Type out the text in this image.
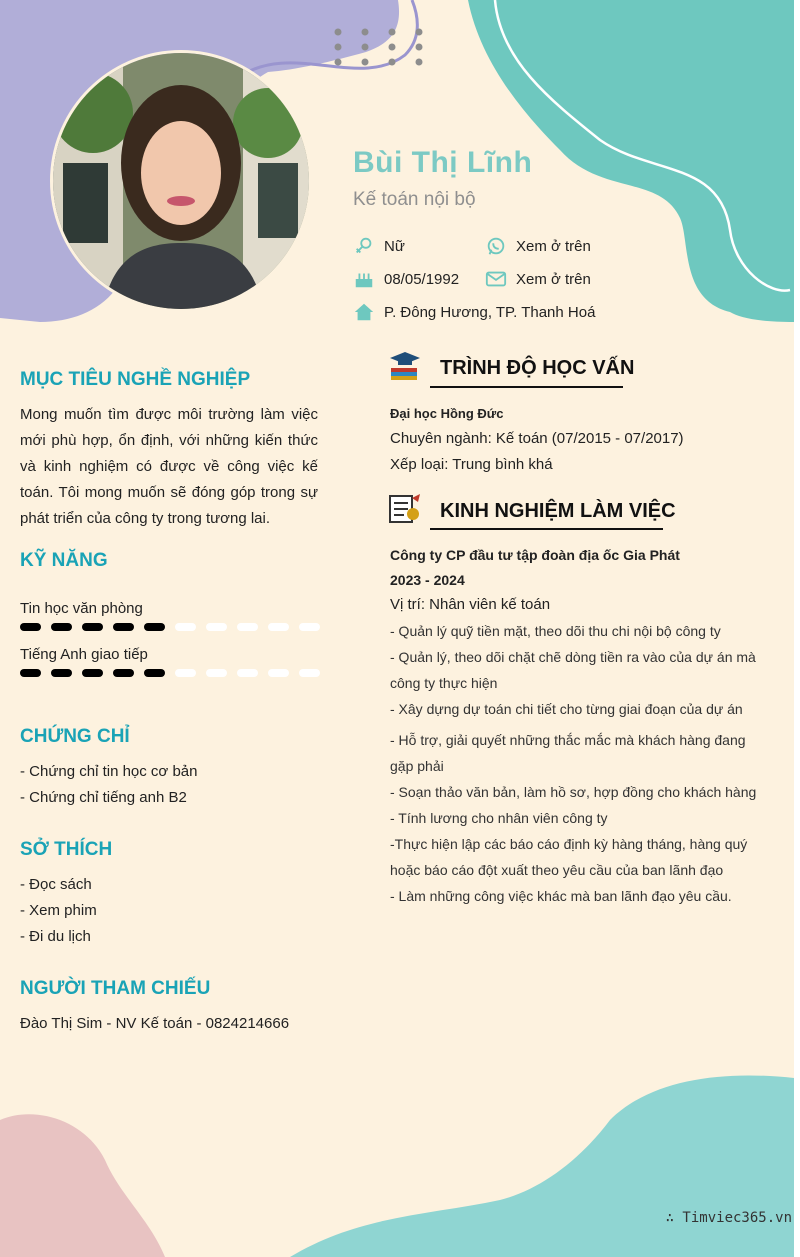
Bùi Thị Lĩnh
Kế toán nội bộ
Nữ	Xem ở trên
08/05/1992	Xem ở trên
P. Đông Hương, TP. Thanh Hoá
MỤC TIÊU NGHỀ NGHIỆP
Mong muốn tìm được môi trường làm việc mới phù hợp, ổn định, với những kiến thức và kinh nghiệm có được về công việc kế toán. Tôi mong muốn sẽ đóng góp trong sự phát triển của công ty trong tương lai.
KỸ NĂNG
Tin học văn phòng
Tiếng Anh giao tiếp
CHỨNG CHỈ
- Chứng chỉ tin học cơ bản
- Chứng chỉ tiếng anh B2
SỞ THÍCH
- Đọc sách
- Xem phim
- Đi du lịch
NGƯỜI THAM CHIẾU
Đào Thị Sim - NV Kế toán - 0824214666
TRÌNH ĐỘ HỌC VẤN
Đại học Hồng Đức
Chuyên ngành: Kế toán (07/2015 - 07/2017)
Xếp loại: Trung bình khá
KINH NGHIỆM LÀM VIỆC
Công ty CP đầu tư tập đoàn địa ốc Gia Phát
2023 - 2024
Vị trí: Nhân viên kế toán
- Quản lý quỹ tiền mặt, theo dõi thu chi nội bộ công ty
- Quản lý, theo dõi chặt chẽ dòng tiền ra vào của dự án mà công ty thực hiện
- Xây dựng dự toán chi tiết cho từng giai đoạn của dự án
- Hỗ trợ, giải quyết những thắc mắc mà khách hàng đang gặp phải
- Soạn thảo văn bản, làm hồ sơ, hợp đồng cho khách hàng
- Tính lương cho nhân viên công ty
-Thực hiện lập các báo cáo định kỳ hàng tháng, hàng quý hoặc báo cáo đột xuất theo yêu cầu của ban lãnh đạo
- Làm những công việc khác mà ban lãnh đạo yêu cầu.
∴ Timviec365.vn
